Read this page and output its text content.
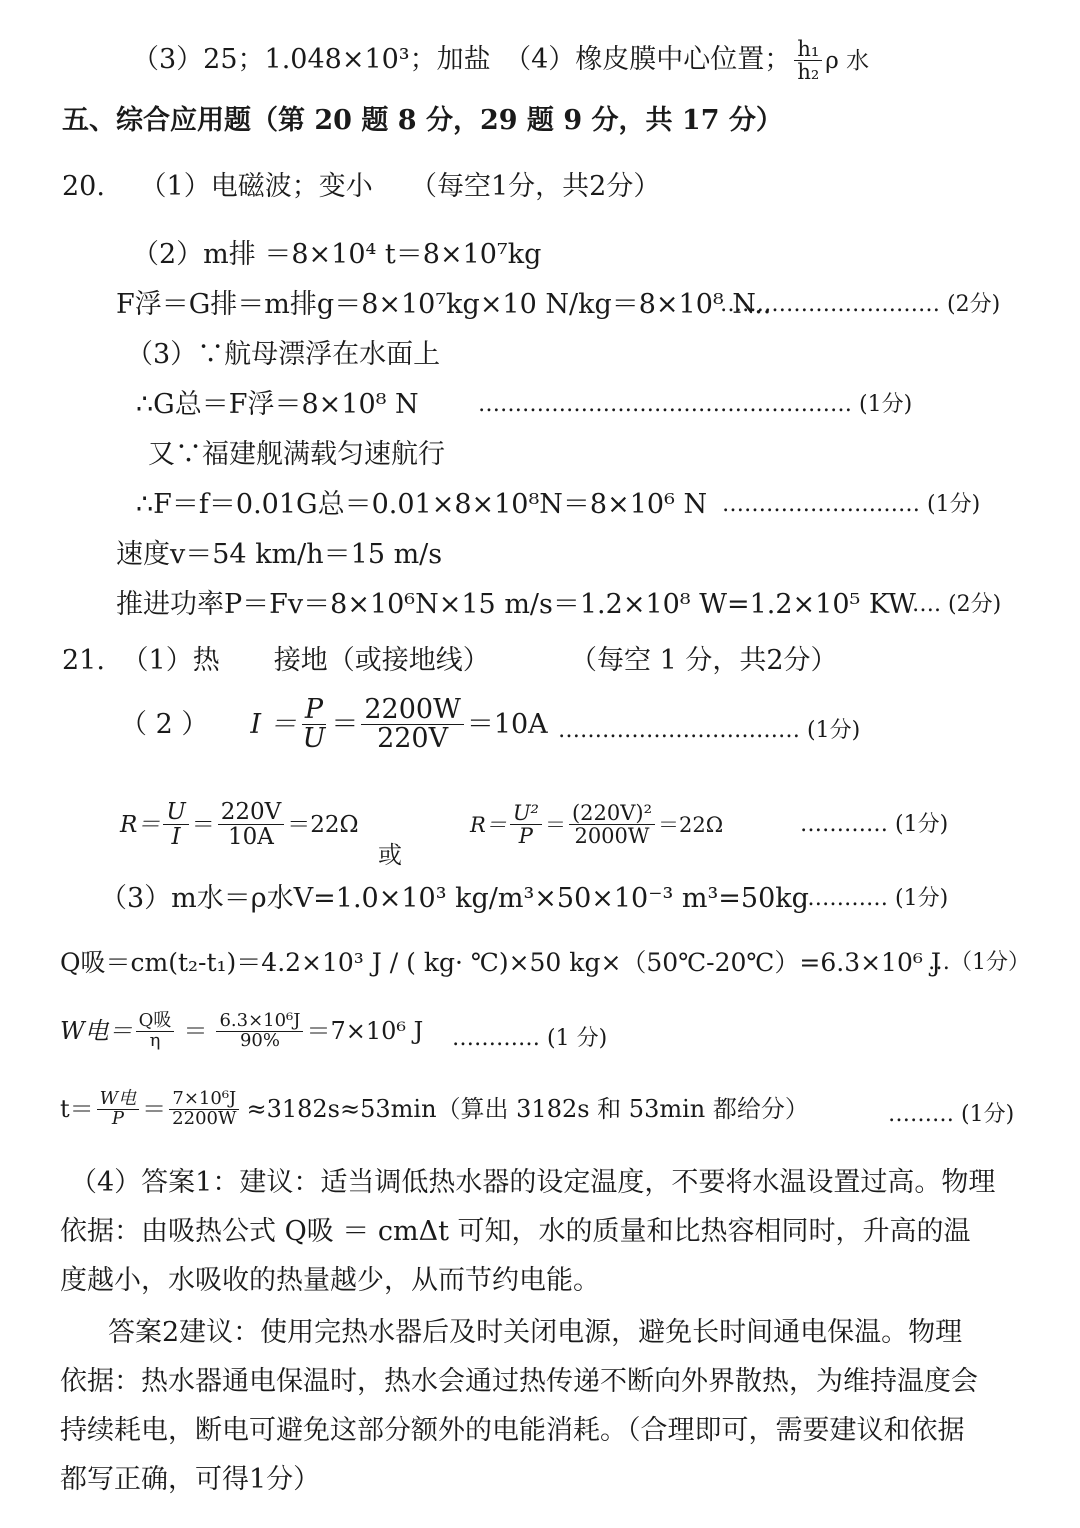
（3）25；1.048×10³；加盐　（4）橡皮膜中心位置； $\frac{\text{h₁}}{\text{h₂}}$ ρ 水
五、综合应用题（第 20 题 8 分，29 题 9 分，共 17 分）
20. （1）电磁波；变小 （每空1分，共2分）
（2）m排 ＝8×10⁴ t＝8×10⁷kg
F浮＝G排＝m排g＝8×10⁷kg×10 N/kg＝8×10⁸ N..
………………………… (2分)
（3）∵航母漂浮在水面上
∴G总＝F浮＝8×10⁸ N	…………………………………………… (1分)
又∵福建舰满载匀速航行
∴F＝f＝0.01G总＝0.01×8×10⁸N＝8×10⁶ N ……………………… (1分)
速度v＝54 km/h＝15 m/s
推进功率P＝Fv＝8×10⁶N×15 m/s＝1.2×10⁸ W=1.2×10⁵ KW
…. (2分)
21. （1）热　　接地（或接地线）	（每空 1 分，共2分）
（ 2 ） $I = \frac{P}{U} = \frac{2200W}{220V} =10A$ …………………………… (1分)
$R= \frac{U}{I} = \frac{220V}{10A} =22\Omega$
或
$R= \frac{\text{U²}}{P} = \frac{\text{(220V)²}}{2000W} =22\Omega$	………… (1分)
（3）m水＝ρ水V=1.0×10³ kg/m³×50×10⁻³ m³=50kg
………… (1分)
Q吸＝cm(t₂-t₁)＝4.2×10³ J / ( kg· ℃)×50 kg×（50℃-20℃）=6.3×10⁶ J
…（1分）
W电＝ $\frac{\text{Q吸}}{\eta} = \frac{\text{6.3×10⁶J}}{90\%} =7\times 10^6$ J ………… (1 分)
$t= \frac{\text{W电}}{P} = \frac{\text{7×10⁶J}}{2200W} \approx 3182s\approx 53\min$（算出 3182s 和 53min 都给分）	……… (1分)
（4）答案1：建议：适当调低热水器的设定温度，不要将水温设置过高。物理
依据：由吸热公式 Q吸 ＝ cmΔt 可知，水的质量和比热容相同时，升高的温
度越小，水吸收的热量越少，从而节约电能。
答案2建议：使用完热水器后及时关闭电源，避免长时间通电保温。物理
依据：热水器通电保温时，热水会通过热传递不断向外界散热，为维持温度会
持续耗电，断电可避免这部分额外的电能消耗。（合理即可，需要建议和依据
都写正确，可得1分）
